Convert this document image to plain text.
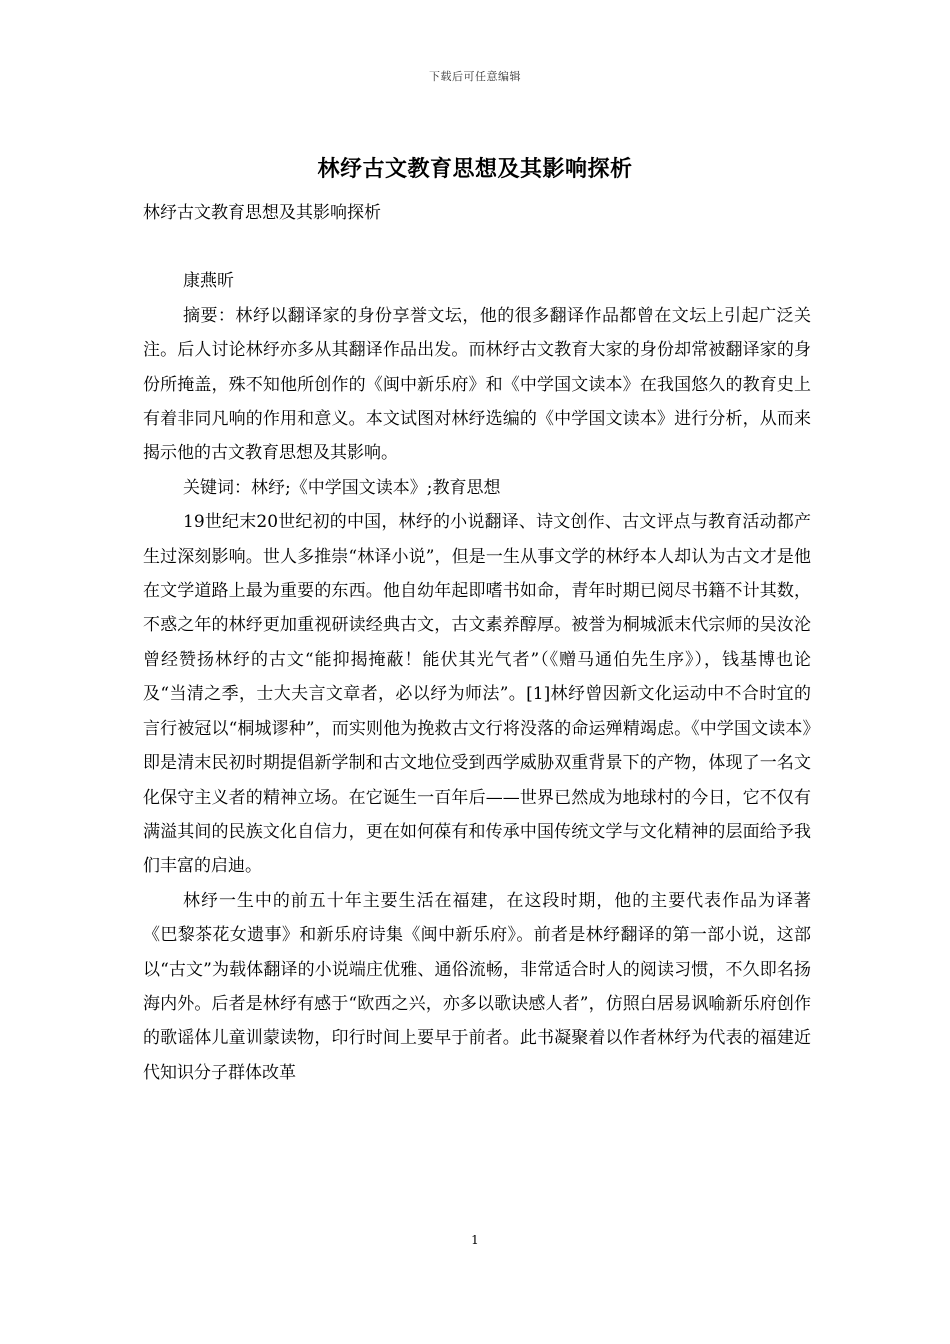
下载后可任意编辑
林纾古文教育思想及其影响探析

林纾古文教育思想及其影响探析

康燕昕

摘要：林纾以翻译家的身份享誉文坛，他的很多翻译作品都曾在文坛上引起广泛关注。后人讨论林纾亦多从其翻译作品出发。而林纾古文教育大家的身份却常被翻译家的身份所掩盖，殊不知他所创作的《闽中新乐府》和《中学国文读本》在我国悠久的教育史上有着非同凡响的作用和意义。本文试图对林纾选编的《中学国文读本》进行分析，从而来揭示他的古文教育思想及其影响。

关键词：林纾;《中学国文读本》;教育思想

19世纪末20世纪初的中国，林纾的小说翻译、诗文创作、古文评点与教育活动都产生过深刻影响。世人多推崇“林译小说”，但是一生从事文学的林纾本人却认为古文才是他在文学道路上最为重要的东西。他自幼年起即嗜书如命，青年时期已阅尽书籍不计其数，不惑之年的林纾更加重视研读经典古文，古文素养醇厚。被誉为桐城派末代宗师的吴汝沦曾经赞扬林纾的古文“能抑揭掩蔽！能伏其光气者”（《赠马通伯先生序》），钱基博也论及“当清之季，士大夫言文章者，必以纾为师法”。[1]林纾曾因新文化运动中不合时宜的言行被冠以“桐城谬种”，而实则他为挽救古文行将没落的命运殚精竭虑。《中学国文读本》即是清末民初时期提倡新学制和古文地位受到西学威胁双重背景下的产物，体现了一名文化保守主义者的精神立场。在它诞生一百年后——世界已然成为地球村的今日，它不仅有满溢其间的民族文化自信力，更在如何葆有和传承中国传统文学与文化精神的层面给予我们丰富的启迪。

林纾一生中的前五十年主要生活在福建，在这段时期，他的主要代表作品为译著《巴黎茶花女遗事》和新乐府诗集《闽中新乐府》。前者是林纾翻译的第一部小说，这部以“古文”为载体翻译的小说端庄优雅、通俗流畅，非常适合时人的阅读习惯，不久即名扬海内外。后者是林纾有感于“欧西之兴，亦多以歌诀感人者”，仿照白居易讽喻新乐府创作的歌谣体儿童训蒙读物，印行时间上要早于前者。此书凝聚着以作者林纾为代表的福建近代知识分子群体改革

1
